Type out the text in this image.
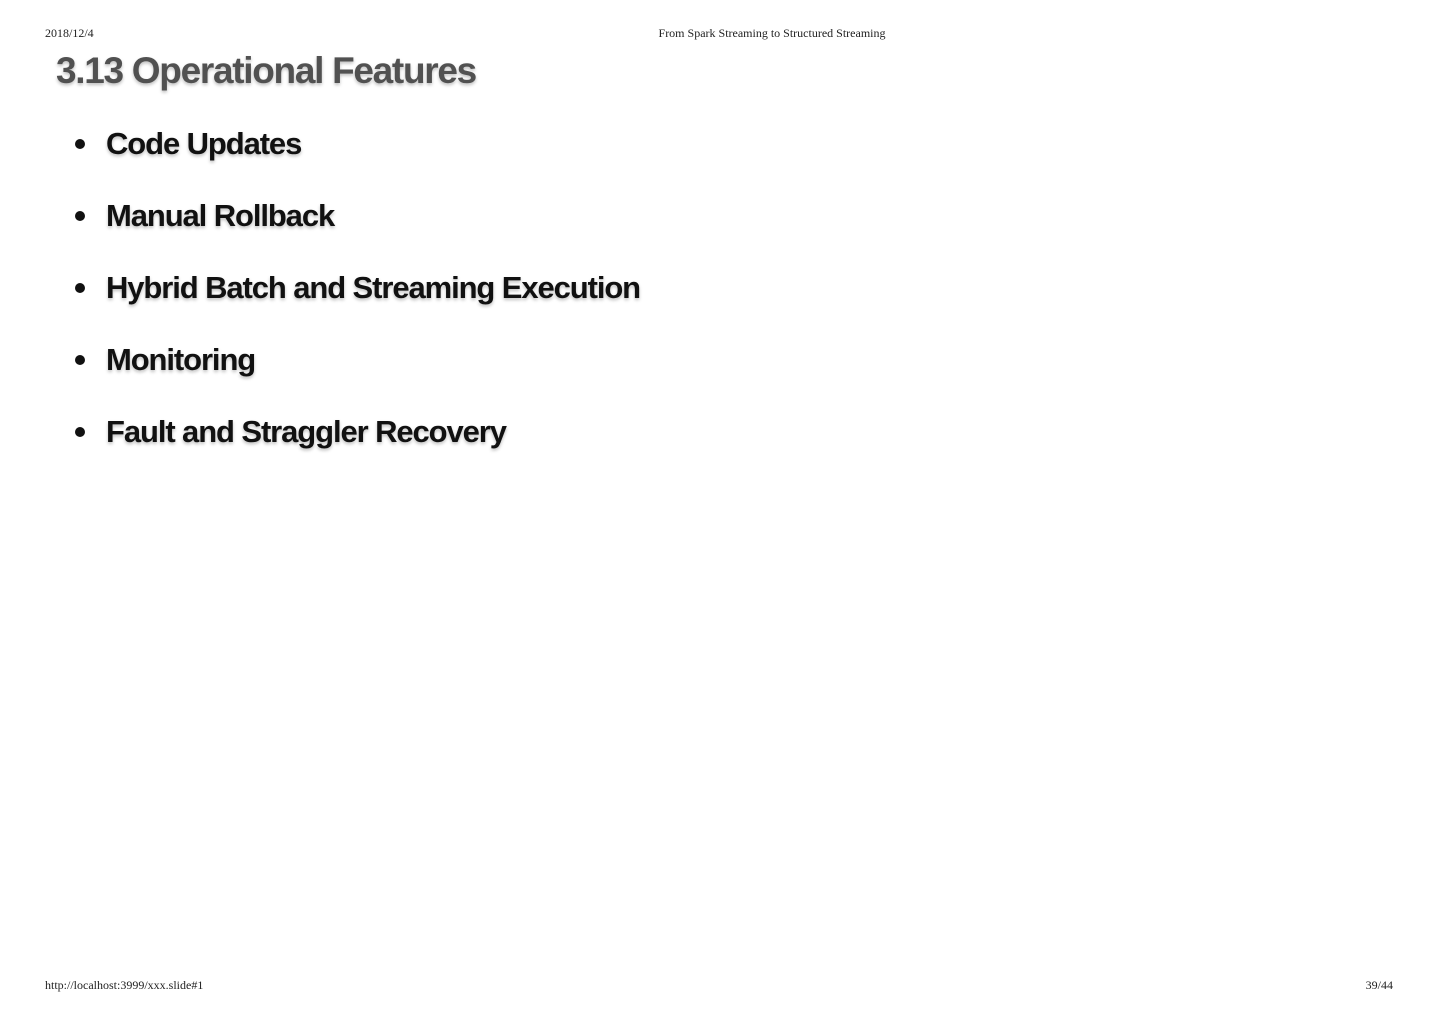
2018/12/4	From Spark Streaming to Structured Streaming
3.13 Operational Features
Code Updates
Manual Rollback
Hybrid Batch and Streaming Execution
Monitoring
Fault and Straggler Recovery
http://localhost:3999/xxx.slide#1	39/44
